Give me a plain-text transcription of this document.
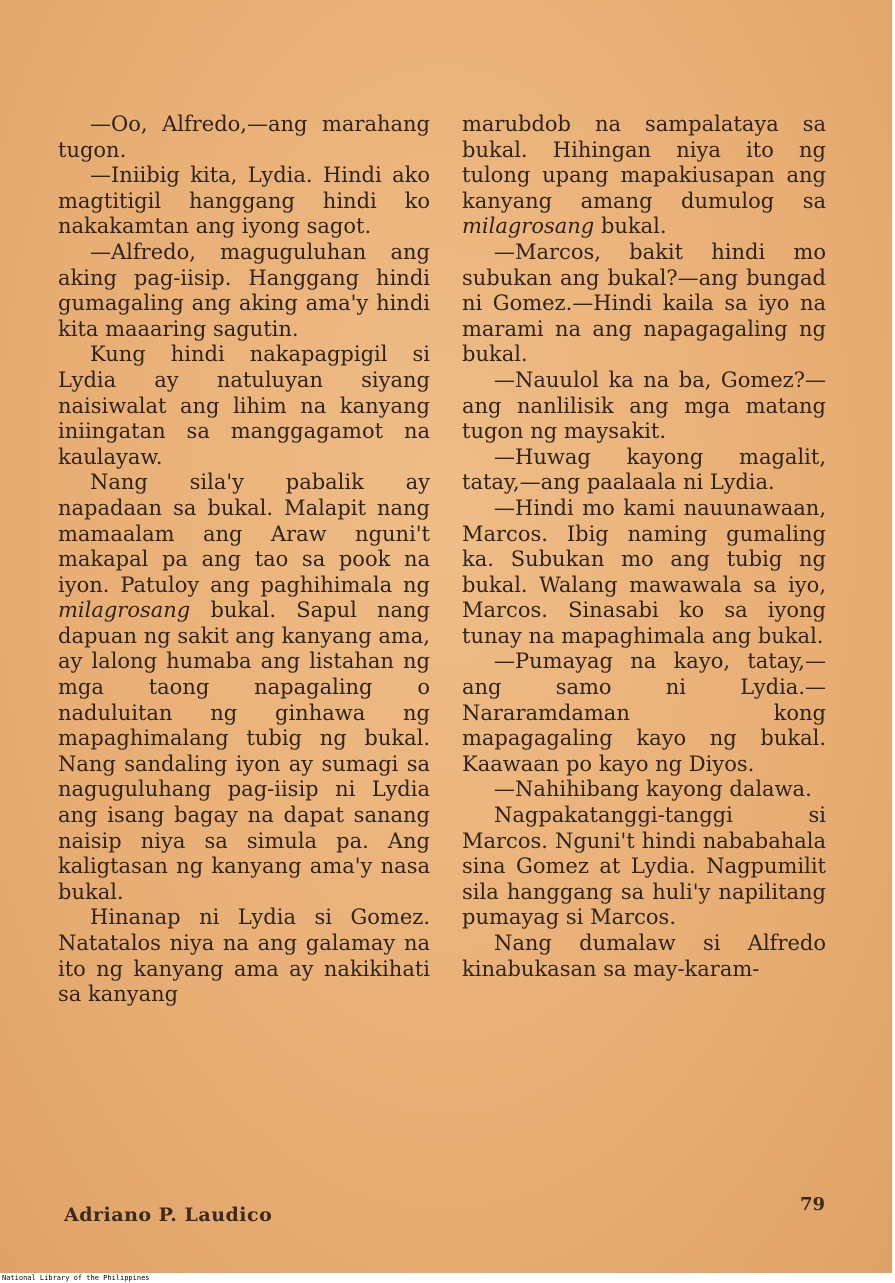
—Oo, Alfredo,—ang marahang tugon.

—Iniibig kita, Lydia. Hindi ako magtitigil hanggang hindi ko nakakamtan ang iyong sagot.

—Alfredo, maguguluhan ang aking pag-iisip. Hanggang hindi gumagaling ang aking ama'y hindi kita maaaring sagutin.

Kung hindi nakapagpigil si Lydia ay natuluyan siyang naisiwalat ang lihim na kanyang iniingatan sa manggagamot na kaulayaw.

Nang sila'y pabalik ay napadaan sa bukal. Malapit nang mamaalam ang Araw nguni't makapal pa ang tao sa pook na iyon. Patuloy ang paghihimala ng milagrosang bukal. Sapul nang dapuan ng sakit ang kanyang ama, ay lalong humaba ang listahan ng mga taong napagaling o naduluitan ng ginhawa ng mapaghimalang tubig ng bukal. Nang sandaling iyon ay sumagi sa naguguluhang pag-iisip ni Lydia ang isang bagay na dapat sanang naisip niya sa simula pa. Ang kaligtasan ng kanyang ama'y nasa bukal.

Hinanap ni Lydia si Gomez. Natatalos niya na ang galamay na ito ng kanyang ama ay nakikihati sa kanyang

marubdob na sampalataya sa bukal. Hihingan niya ito ng tulong upang mapakiusapan ang kanyang amang dumulog sa milagrosang bukal.

—Marcos, bakit hindi mo subukan ang bukal?—ang bungad ni Gomez.—Hindi kaila sa iyo na marami na ang napagagaling ng bukal.

—Nauulol ka na ba, Gomez?—ang nanlilisik ang mga matang tugon ng maysakit.

—Huwag kayong magalit, tatay,—ang paalaala ni Lydia.

—Hindi mo kami nauunawaan, Marcos. Ibig naming gumaling ka. Subukan mo ang tubig ng bukal. Walang mawawala sa iyo, Marcos. Sinasabi ko sa iyong tunay na mapaghimala ang bukal.

—Pumayag na kayo, tatay,—ang samo ni Lydia.—Nararamdaman kong mapagagaling kayo ng bukal. Kaawaan po kayo ng Diyos.

—Nahihibang kayong dalawa.

Nagpakatanggi-tanggi si Marcos. Nguni't hindi nababahala sina Gomez at Lydia. Nagpumilit sila hanggang sa huli'y napilitang pumayag si Marcos.

Nang dumalaw si Alfredo kinabukasan sa may-karam-

Adriano P. Laudico	79
National Library of the Philippines
